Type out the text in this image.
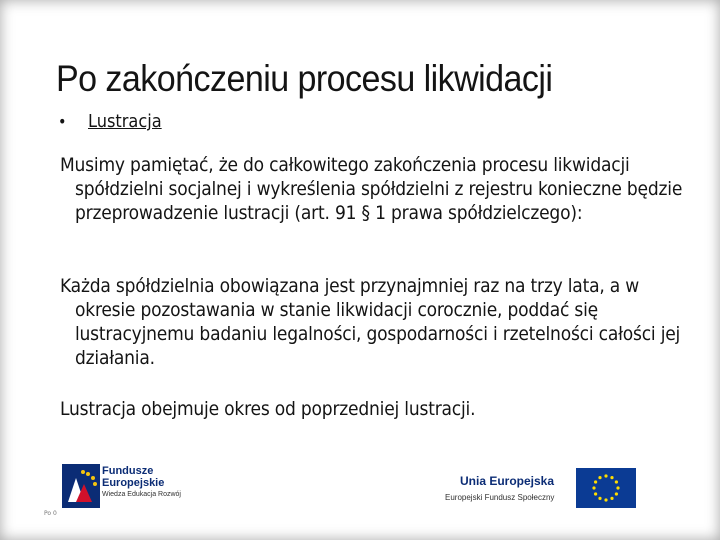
Po zakończeniu procesu likwidacji
•	Lustracja
Musimy pamiętać, że do całkowitego zakończenia procesu likwidacji spółdzielni socjalnej i wykreślenia spółdzielni z rejestru konieczne będzie przeprowadzenie lustracji (art. 91 § 1 prawa spółdzielczego):
Każda spółdzielnia obowiązana jest przynajmniej raz na trzy lata, a w okresie pozostawania w stanie likwidacji corocznie, poddać się lustracyjnemu badaniu legalności, gospodarności i rzetelności całości jej działania.
Lustracja obejmuje okres od poprzedniej lustracji.
Fundusze
Europejskie
Wiedza Edukacja Rozwój
Unia Europejska
Europejski Fundusz Społeczny
Po 0
